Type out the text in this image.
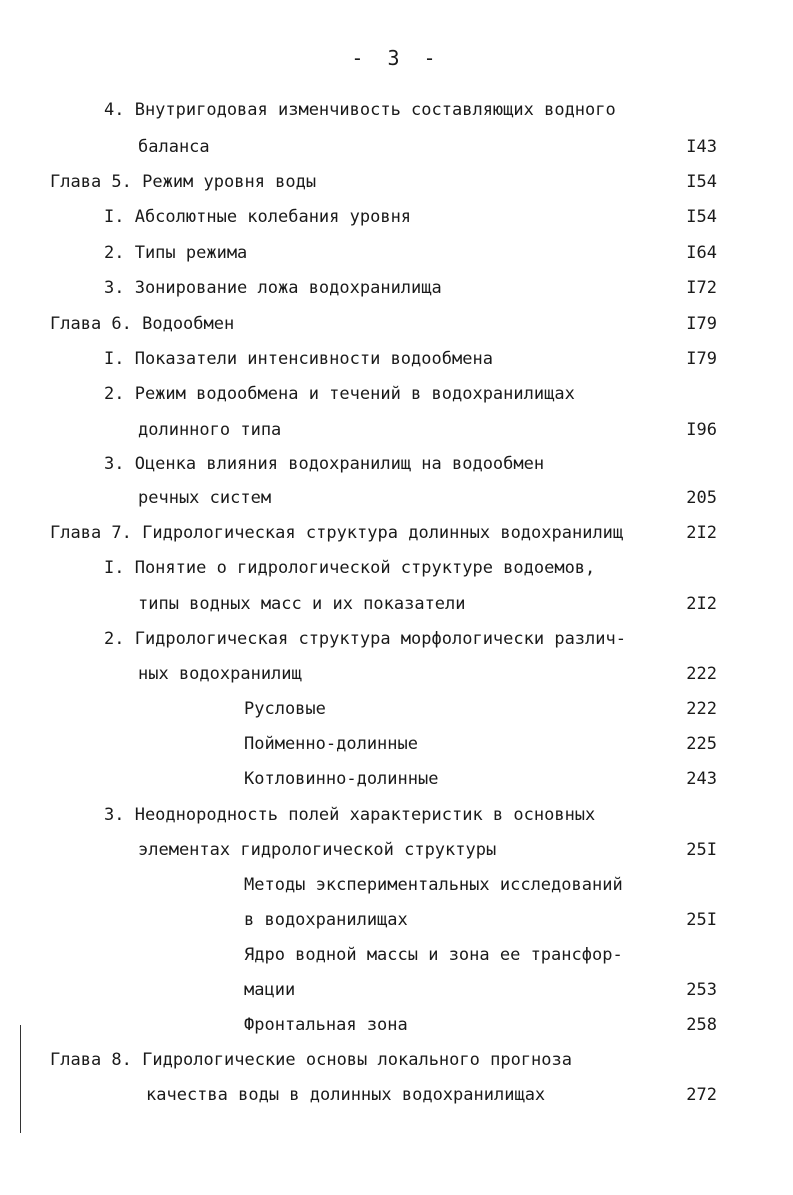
- 3 -
4. Внутригодовая изменчивость составляющих водного
баланса	I43
Глава 5. Режим уровня воды	I54
I. Абсолютные колебания уровня	I54
2. Типы режима	I64
3. Зонирование ложа водохранилища	I72
Глава 6. Водообмен	I79
I. Показатели интенсивности водообмена	I79
2. Режим водообмена и течений в водохранилищах
долинного типа	I96
3. Оценка влияния водохранилищ на водообмен
речных систем	205
Глава 7. Гидрологическая структура долинных водохранилищ	2I2
I. Понятие о гидрологической структуре водоемов,
типы водных масс и их показатели	2I2
2. Гидрологическая структура морфологически различ-
ных водохранилищ	222
Русловые	222
Пойменно-долинные	225
Котловинно-долинные	243
3. Неоднородность полей характеристик в основных
элементах гидрологической структуры	25I
Методы экспериментальных исследований
в водохранилищах	25I
Ядро водной массы и зона ее трансфор-
мации	253
Фронтальная зона	258
Глава 8. Гидрологические основы локального прогноза
качества воды в долинных водохранилищах	272
